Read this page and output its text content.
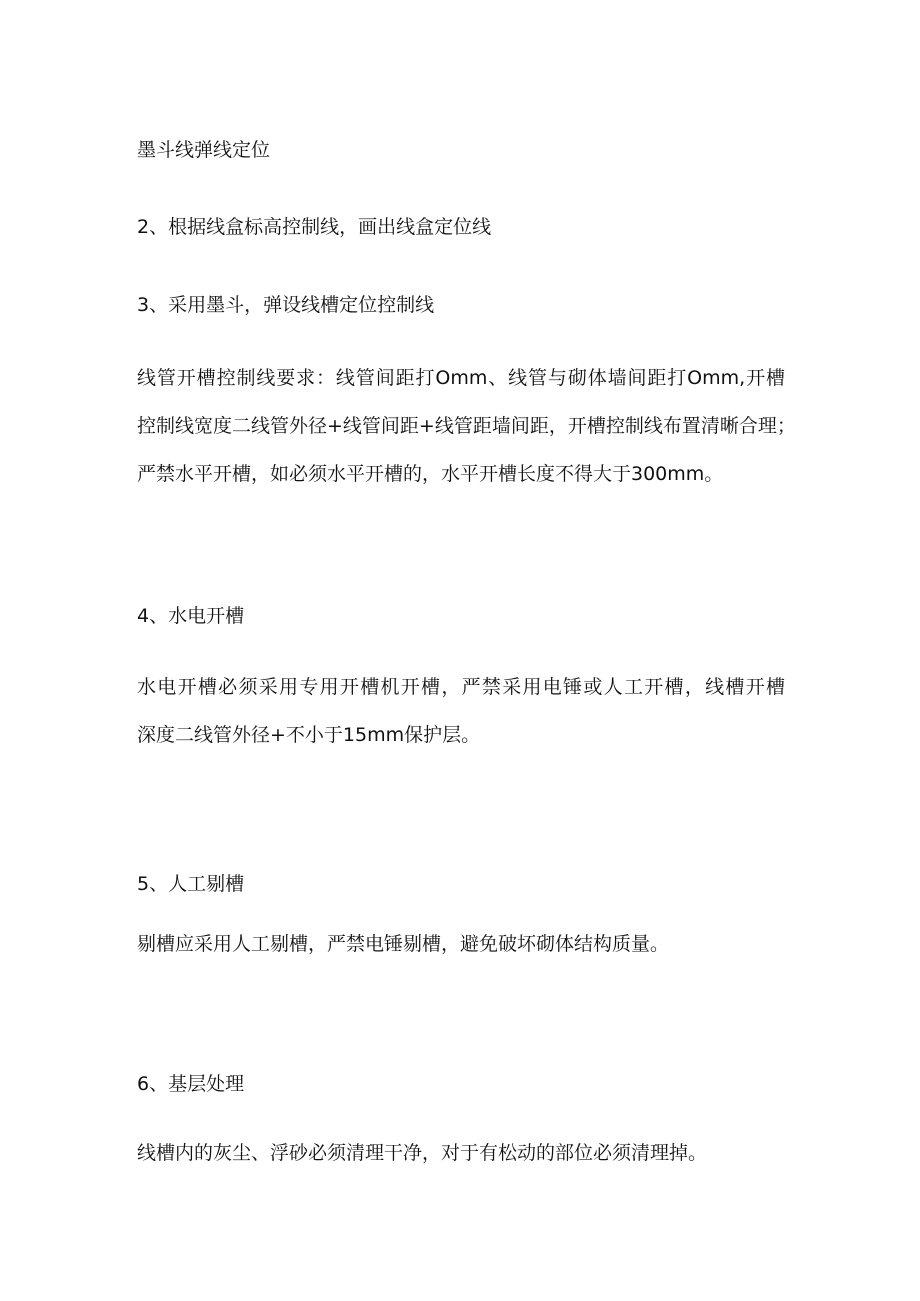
墨斗线弹线定位
2、根据线盒标高控制线，画出线盒定位线
3、采用墨斗，弹设线槽定位控制线
线管开槽控制线要求：线管间距打Omm、线管与砌体墙间距打Omm,开槽
控制线宽度二线管外径+线管间距+线管距墙间距，开槽控制线布置清晰合理；
严禁水平开槽，如必须水平开槽的，水平开槽长度不得大于300mm。
4、水电开槽
水电开槽必须采用专用开槽机开槽，严禁采用电锤或人工开槽，线槽开槽
深度二线管外径+不小于15mm保护层。
5、人工剔槽
剔槽应采用人工剔槽，严禁电锤剔槽，避免破坏砌体结构质量。
6、基层处理
线槽内的灰尘、浮砂必须清理干净，对于有松动的部位必须清理掉。
